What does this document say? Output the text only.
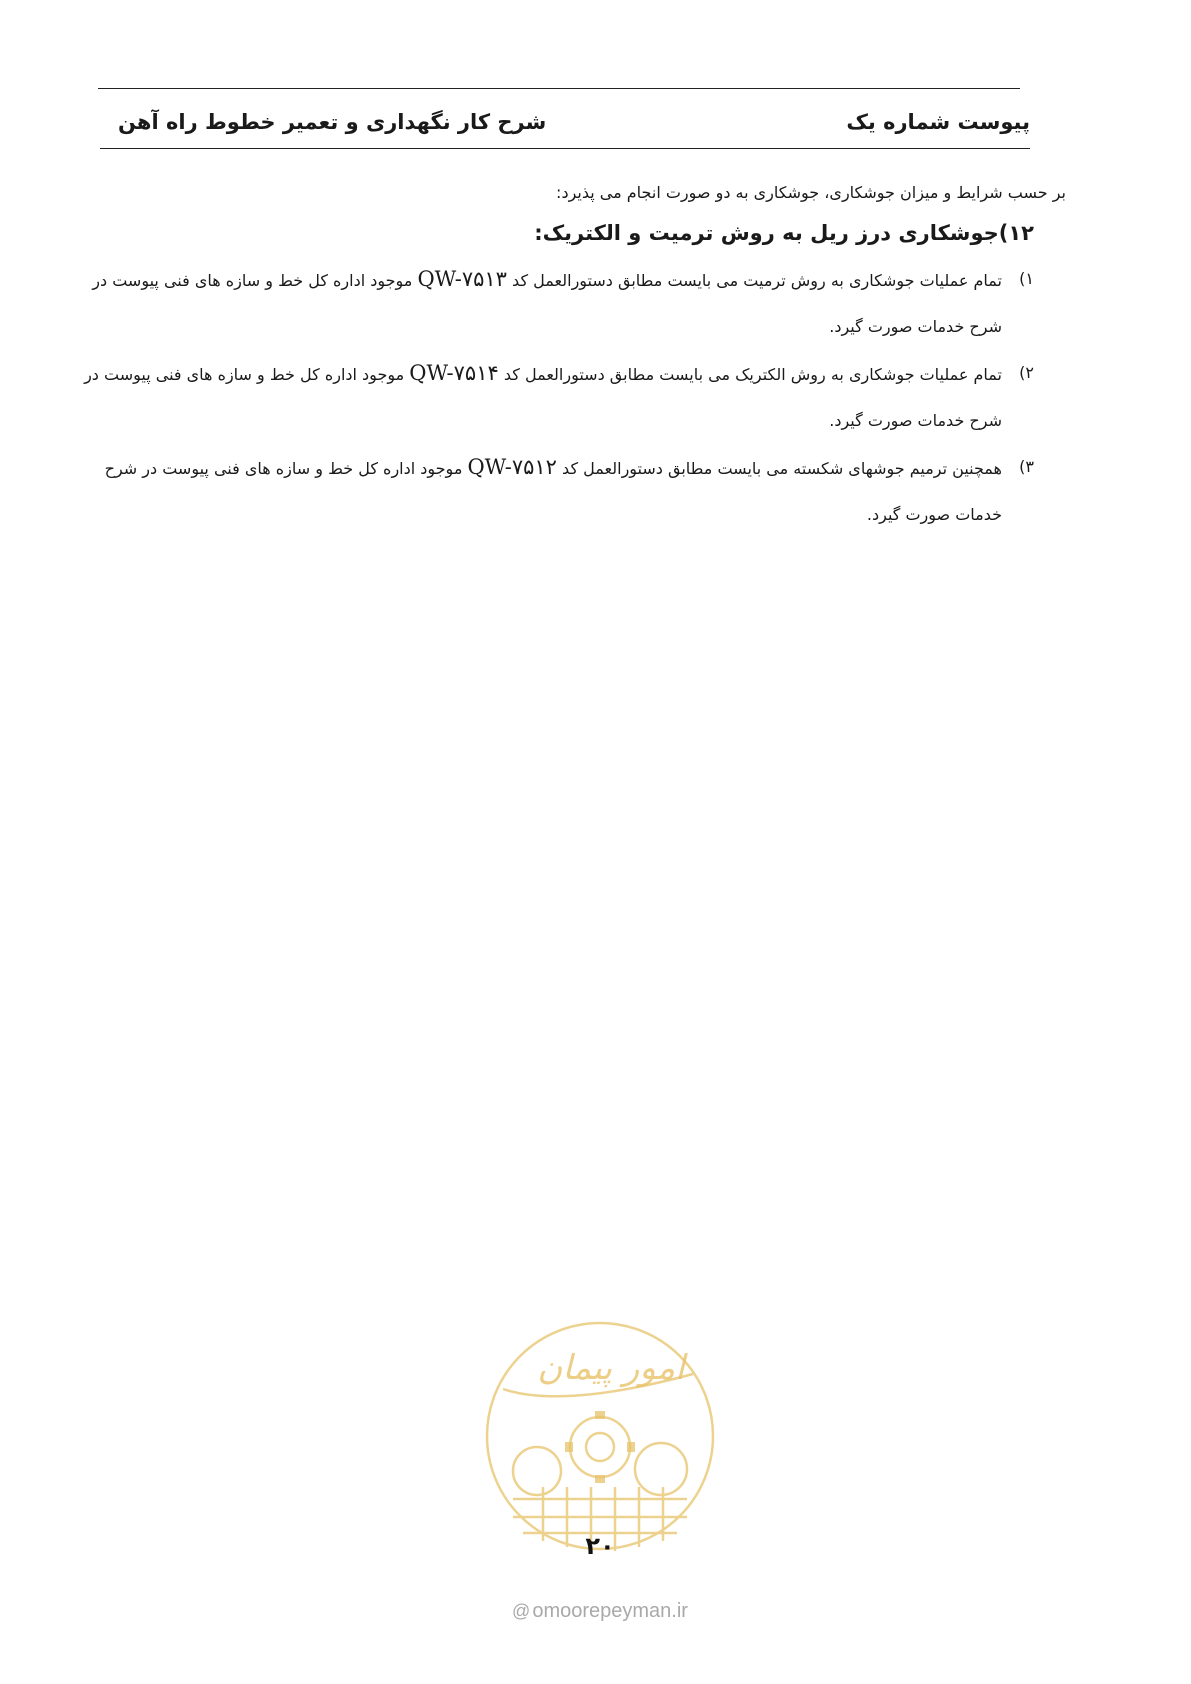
پیوست شماره یک
شرح کار نگهداری و تعمیر خطوط راه آهن

بر حسب شرایط و میزان جوشکاری، جوشکاری به دو صورت انجام می پذیرد:

۱۲)جوشکاری درز ریل به روش ترمیت و الکتریک:

۱)
تمام عملیات جوشکاری به روش ترمیت می بایست مطابق دستورالعمل کد QW-۷۵۱۳ موجود اداره کل خط و سازه های فنی پیوست در شرح خدمات صورت گیرد.
۲)
تمام عملیات جوشکاری به روش الکتریک می بایست مطابق دستورالعمل کد QW-۷۵۱۴ موجود اداره کل خط و سازه های فنی پیوست در شرح خدمات صورت گیرد.
۳)
همچنین ترمیم جوشهای شکسته می بایست مطابق دستورالعمل کد QW-۷۵۱۲ موجود اداره کل خط و سازه های فنی پیوست در شرح خدمات صورت گیرد.
امور پیمان
۲۰
@ omoorepeyman.ir
